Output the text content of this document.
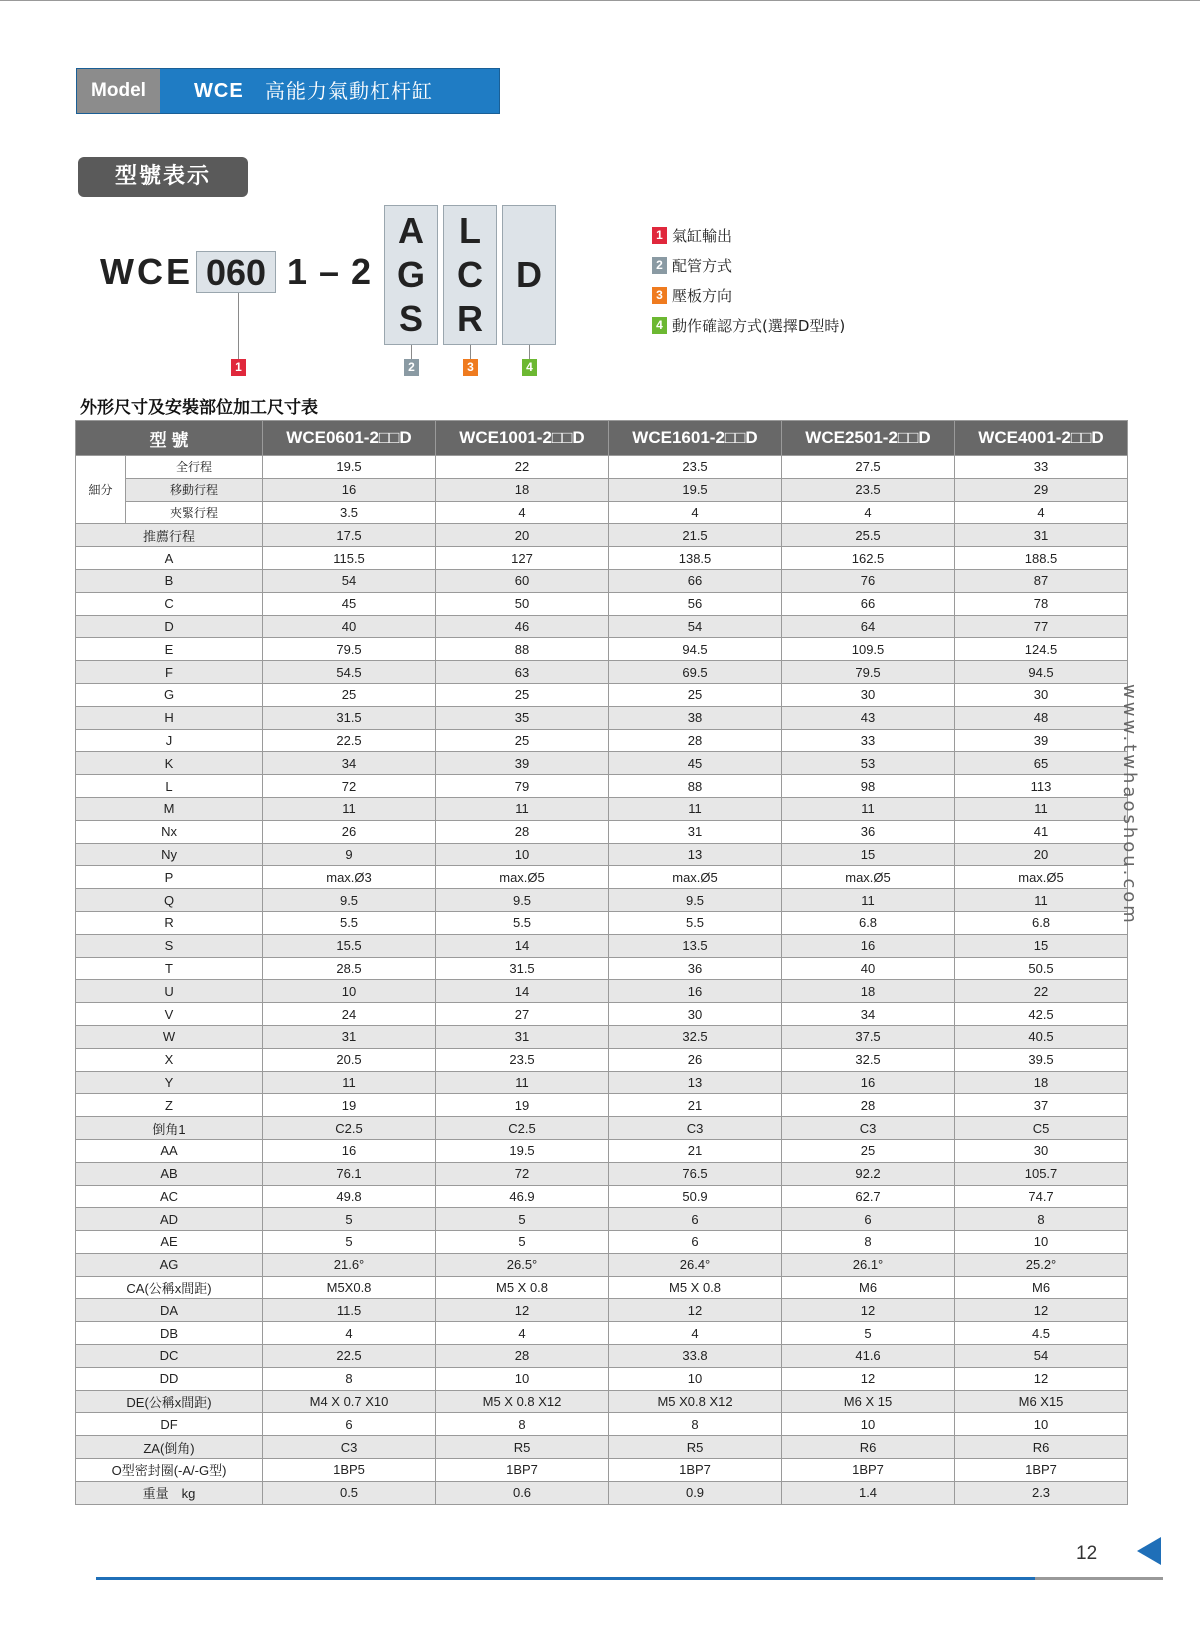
Model	WCE 高能力氣動杠杆缸
型號表示
WCE 060 1 – 2
A
G
S
L
C
R
D
1	2	3	4
1 氣缸輸出
2 配管方式
3 壓板方向
4 動作確認方式(選擇D型時)
外形尺寸及安裝部位加工尺寸表
型 號		WCE0601-2□□D	WCE1001-2□□D	WCE1601-2□□D	WCE2501-2□□D	WCE4001-2□□D
細分	全行程	19.5	22	23.5	27.5	33
	移動行程	16	18	19.5	23.5	29
	夾緊行程	3.5	4	4	4	4
推薦行程		17.5	20	21.5	25.5	31
A		115.5	127	138.5	162.5	188.5
B		54	60	66	76	87
C		45	50	56	66	78
D		40	46	54	64	77
E		79.5	88	94.5	109.5	124.5
F		54.5	63	69.5	79.5	94.5
G		25	25	25	30	30
H		31.5	35	38	43	48
J		22.5	25	28	33	39
K		34	39	45	53	65
L		72	79	88	98	113
M		11	11	11	11	11
Nx		26	28	31	36	41
Ny		9	10	13	15	20
P		max.Ø3	max.Ø5	max.Ø5	max.Ø5	max.Ø5
Q		9.5	9.5	9.5	11	11
R		5.5	5.5	5.5	6.8	6.8
S		15.5	14	13.5	16	15
T		28.5	31.5	36	40	50.5
U		10	14	16	18	22
V		24	27	30	34	42.5
W		31	31	32.5	37.5	40.5
X		20.5	23.5	26	32.5	39.5
Y		11	11	13	16	18
Z		19	19	21	28	37
倒角1		C2.5	C2.5	C3	C3	C5
AA		16	19.5	21	25	30
AB		76.1	72	76.5	92.2	105.7
AC		49.8	46.9	50.9	62.7	74.7
AD		5	5	6	6	8
AE		5	5	6	8	10
AG		21.6°	26.5°	26.4°	26.1°	25.2°
CA(公稱x間距)		M5X0.8	M5 X 0.8	M5 X 0.8	M6	M6
DA		11.5	12	12	12	12
DB		4	4	4	5	4.5
DC		22.5	28	33.8	41.6	54
DD		8	10	10	12	12
DE(公稱x間距)		M4 X 0.7 X10	M5 X 0.8 X12	M5 X0.8 X12	M6 X 15	M6 X15
DF		6	8	8	10	10
ZA(倒角)		C3	R5	R5	R6	R6
O型密封圈(-A/-G型)		1BP5	1BP7	1BP7	1BP7	1BP7
重量　kg		0.5	0.6	0.9	1.4	2.3
www.twhaoshou.com
12
